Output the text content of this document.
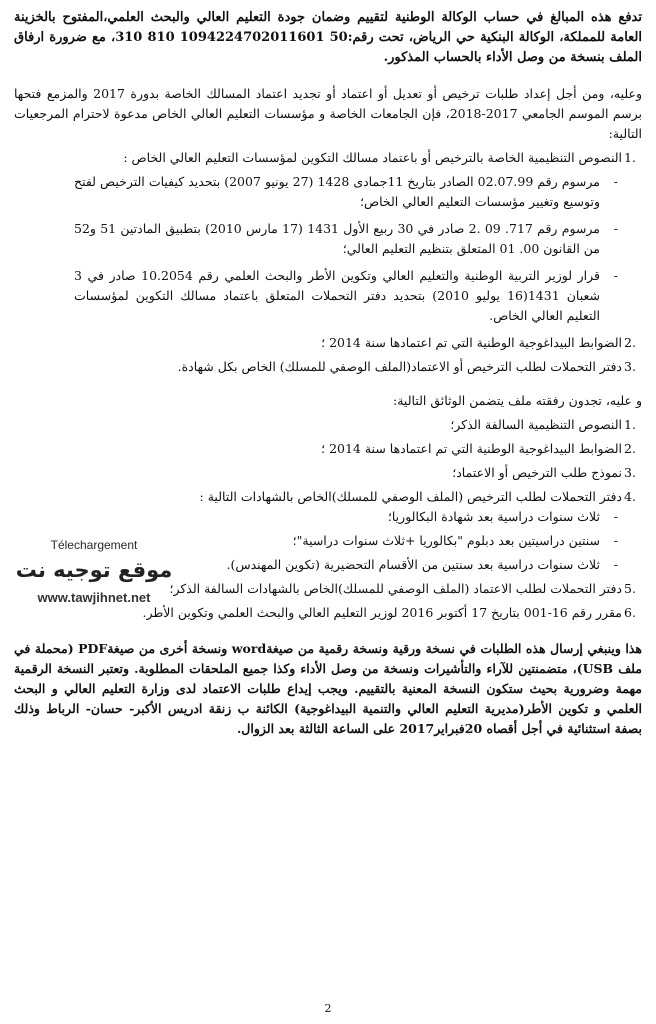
تدفع هذه المبالغ في حساب الوكالة الوطنية لتقييم وضمان جودة التعليم العالي والبحث العلمي،المفتوح بالخزينة العامة للمملكة، الوكالة البنكية حي الرياض، تحت رقم:50 1094224702011601 810 310، مع ضرورة ارفاق الملف بنسخة من وصل الأداء بالحساب المذكور.

وعليه، ومن أجل إعداد طلبات ترخيص أو تعديل أو اعتماد أو تجديد اعتماد المسالك الخاصة بدورة 2017 والمزمع فتحها برسم الموسم الجامعي 2017-2018، فإن الجامعات الخاصة و مؤسسات التعليم العالي الخاص مدعوة لاحترام المرجعيات التالية:

1.
النصوص التنظيمية الخاصة بالترخيص أو باعتماد مسالك التكوين لمؤسسات التعليم العالي الخاص :
-
مرسوم رقم 02.07.99 الصادر بتاريخ 11جمادى 1428 (27 يونيو 2007) بتحديد كيفيات الترخيص لفتح وتوسيع وتغيير مؤسسات التعليم العالي الخاص؛
-
مرسوم رقم 717. 09 .2 صادر في 30 ربيع الأول 1431 (17 مارس 2010) بتطبيق المادتين 51 و52 من القانون 00. 01 المتعلق بتنظيم التعليم العالي؛
-
قرار لوزير التربية الوطنية والتعليم العالي وتكوين الأطر والبحث العلمي رقم 10.2054 صادر في 3 شعبان 1431(16 يوليو 2010) بتحديد دفتر التحملات المتعلق باعتماد مسالك التكوين لمؤسسات التعليم العالي الخاص.
2.
الضوابط البيداغوجية الوطنية التي تم اعتمادها سنة 2014 ؛
3.
دفتر التحملات لطلب الترخيص أو الاعتماد(الملف الوصفي للمسلك) الخاص بكل شهادة.

و عليه، تجدون رفقته ملف يتضمن الوثائق التالية:

1.
النصوص التنظيمية السالفة الذكر؛
2.
الضوابط البيداغوجية الوطنية التي تم اعتمادها سنة 2014 ؛
3.
نموذج طلب الترخيص أو الاعتماد؛
4.
دفتر التحملات لطلب الترخيص (الملف الوصفي للمسلك)الخاص بالشهادات التالية :
-
ثلاث سنوات دراسية بعد شهادة البكالوريا؛
-
سنتين دراسيتين بعد دبلوم "بكالوريا +ثلاث سنوات دراسية"؛
-
ثلاث سنوات دراسية بعد سنتين من الأقسام التحضيرية (تكوين المهندس).
5.
دفتر التحملات لطلب الاعتماد (الملف الوصفي للمسلك)الخاص بالشهادات السالفة الذكر؛
6.
مقرر رقم 16-001 بتاريخ 17 أكتوبر 2016 لوزير التعليم العالي والبحث العلمي وتكوين الأطر.

هذا وينبغي إرسال هذه الطلبات في نسخة ورقية ونسخة رقمية من صيغةword ونسخة أخرى من صيغةPDF (محملة في ملف USB)، متضمنتين للآراء والتأشيرات ونسخة من وصل الأداء وكذا جميع الملحقات المطلوبة. وتعتبر النسخة الرقمية مهمة وضرورية بحيث ستكون النسخة المعنية بالتقييم. ويجب إيداع طلبات الاعتماد لدى وزارة التعليم العالي و البحث العلمي و تكوين الأطر(مديرية التعليم العالي والتنمية البيداغوجية) الكائنة ب زنقة ادريس الأكبر- حسان- الرباط وذلك بصفة استثنائية في أجل أقصاه 20فبراير2017 على الساعة الثالثة بعد الزوال.

2
Télechargement
موقع توجيه نت
www.tawjihnet.net
